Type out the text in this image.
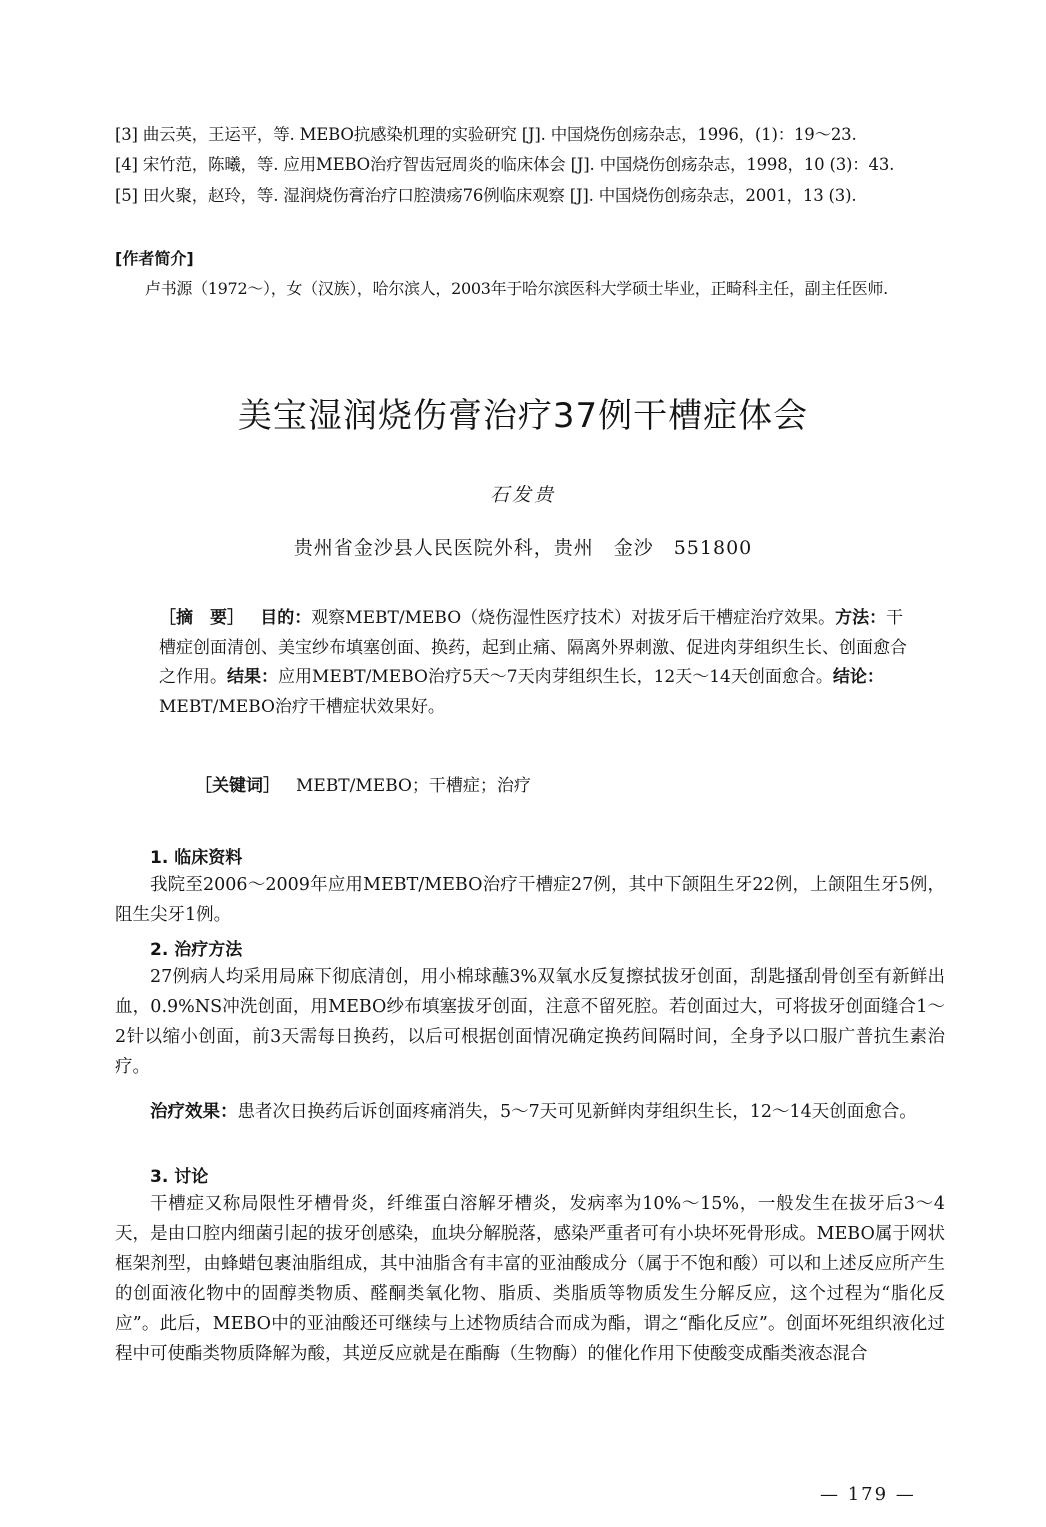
[3] 曲云英，王运平，等. MEBO抗感染机理的实验研究 [J]. 中国烧伤创疡杂志，1996，(1)：19～23.
[4] 宋竹范，陈曦，等. 应用MEBO治疗智齿冠周炎的临床体会 [J]. 中国烧伤创疡杂志，1998，10 (3)：43.
[5] 田火聚，赵玲，等. 湿润烧伤膏治疗口腔溃疡76例临床观察 [J]. 中国烧伤创疡杂志，2001，13 (3).
[作者简介]
卢书源（1972～），女（汉族），哈尔滨人，2003年于哈尔滨医科大学硕士毕业，正畸科主任，副主任医师.
美宝湿润烧伤膏治疗37例干槽症体会
石发贵
贵州省金沙县人民医院外科，贵州　金沙　551800
［摘　要］ 目的：观察MEBT/MEBO（烧伤湿性医疗技术）对拔牙后干槽症治疗效果。方法：干槽症创面清创、美宝纱布填塞创面、换药，起到止痛、隔离外界刺激、促进肉芽组织生长、创面愈合之作用。结果：应用MEBT/MEBO治疗5天～7天肉芽组织生长，12天～14天创面愈合。结论：MEBT/MEBO治疗干槽症状效果好。
［关键词］ MEBT/MEBO；干槽症；治疗
1. 临床资料
我院至2006～2009年应用MEBT/MEBO治疗干槽症27例，其中下颌阻生牙22例，上颌阻生牙5例，阻生尖牙1例。
2. 治疗方法
27例病人均采用局麻下彻底清创，用小棉球蘸3%双氧水反复擦拭拔牙创面，刮匙搔刮骨创至有新鲜出血，0.9%NS冲洗创面，用MEBO纱布填塞拔牙创面，注意不留死腔。若创面过大，可将拔牙创面缝合1～2针以缩小创面，前3天需每日换药，以后可根据创面情况确定换药间隔时间，全身予以口服广普抗生素治疗。
治疗效果：患者次日换药后诉创面疼痛消失，5～7天可见新鲜肉芽组织生长，12～14天创面愈合。
3. 讨论
干槽症又称局限性牙槽骨炎，纤维蛋白溶解牙槽炎，发病率为10%～15%，一般发生在拔牙后3～4天，是由口腔内细菌引起的拔牙创感染，血块分解脱落，感染严重者可有小块坏死骨形成。MEBO属于网状框架剂型，由蜂蜡包裹油脂组成，其中油脂含有丰富的亚油酸成分（属于不饱和酸）可以和上述反应所产生的创面液化物中的固醇类物质、醛酮类氧化物、脂质、类脂质等物质发生分解反应，这个过程为“脂化反应”。此后，MEBO中的亚油酸还可继续与上述物质结合而成为酯，谓之“酯化反应”。创面坏死组织液化过程中可使酯类物质降解为酸，其逆反应就是在酯酶（生物酶）的催化作用下使酸变成酯类液态混合
— 179 —
